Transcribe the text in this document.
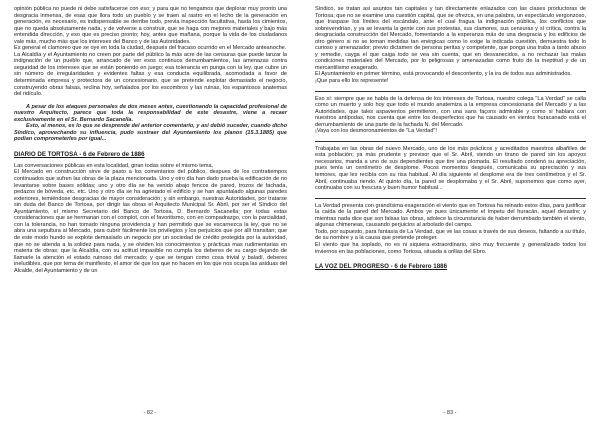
opinión pública no puede ni debe satisfacerse con eso; y para que no tengamos que deplorar muy pronto una desgracia inmensa, de esas que llora todo un pueblo y se traen al rastro en el lecho de la generación en generación, es necesario, es indispensable se derribe todo, previa inspección facultativa, hasta los cimientos, que no queda absolutamente nada, y de volverse a construir, que se haga con mejores materiales y bajo más entendida dirección, y eso que es preciso pronto; hoy, antes que mañana, porque la vida de los ciudadanos vale más, mucho más que los intereses del Banco y de las Autoridades.

Es general el clamoreo que se oye en toda la ciudad, después del fracaso ocurrido en el Mercado anteanoche.

La Alcaldía y el Ayuntamiento no creen por parte del público la más acre de las censuras que puede lanzar la indignación de un pueblo que, arrancado de ver esos continuos derrumbamientos, las amenazas contra seguridad de los intereses que se están poniendo en juego; esa tolerancia en punga con la ley, que cubre un sin número de irregularidades y evidentes faltas y esa conducta equilibrada, acomodada a favor de determinada empresa y protectora de un concesionario, que se pretende explotar demasiado el negocio, construyendo obras falsas, reclina hoy, señalados por los escombros y las ruinas, los espantosos anatemas del ridículo.

A pesar de los ataques personales de dos meses antes, cuestionando la capacidad profesional de nuestro Arquitecto, parece que toda la responsabilidad de este desastre, viene a recaer exclusivamente en el Sr. Bernardo Sacanella.

Esto, al menos, es lo que se desprende del anterior comentario, y así debió suceder, cuando dicho Síndico, aprovechando su influencia, pudo sustraer del Ayuntamiento los planos (15.3.1885) que podían comprometerles por igual...

DIARIO DE TORTOSA - 6 de Febrero de 1886

Las conversaciones públicas en esta localidad, giran todas sobre el mismo tema.

El Mercado en construcción sirve de pasto a los comentarios del público, despues de los contratiempos continuados que sufren las obras de la plaza mencionada. Uno y otro día han dado prueba la edificación de no levantarse sobre bases sólidas; uno y otro día se ha venido abajo fencos de pared, trozos de fachada, pedazos de bóveda, etc. etc. Uno y otro día se ha agrietado el edificio y se han apuntalado algunas paredes exteriores, temiéndose desgracias de mayor consideración; y sin embargo, nuestras Autoridades, por tratarse sin duda del Banco de Tortosa, por dirigir las obras el Arquitecto Municipal Sr. Abril, por ser el Síndico del Ayuntamiento, el mismo Secretario del Banco de Tortosa, D. Bernardo Sacanella; por todas estas consideraciones que se hermanan con el complot, con el favoritismo, con en compadrazgo, con la parcialidad, con la tolerancia, no han tomado ninguna providencia y han permitido que se escarnezca la ley, que no se abra una sepultura al Mercado, para cubrir fácilmente los privilegios y los perjuicios que por allí transitan; que de este modo hundo se explote demasiado un negocio por un sociedad de crédito protegida por la autoridad, que no se atienda a la solidez para nada, y se olviden los conocimientos y prácticas mas rudimentarias en materia de obras; que la Alcaldía, con su actitud impasible no cumpla los deberes de su cargo dejando de llamarle la atención el estado ruinoso del mercado; y que se tengan como cosa trivial y baladí, deberes ineludibles, que por tema de manifiesto, el amor de que los que no hacen en los que nos ocupa las asiduas del Alcalde, del Ayuntamiento y de un

- 82 -

Síndico, se tratan asi asuntos tan capitales y tan directamente enlazados con las clases productoras de Tortosa; que no se examine una cuestión capital, que se ofrezca, en una palabra, un espectáculo vergonzoso, que traspase los límites del escándalo, ante el cual fragua la indignación pública, los conflictos que sobrevendrían, y ya se levanta la gente con sus protestas, sus clamores, sus censuras y sí crítica, contra la desgraciada construcción del Mercado, fomentando a la esperanza más de una desgracia y los edificios de otro género si no se toman medidas tan enérgicas como lo exige la indicada cuestión, demuestra todo lo curioso y amenazador; previo dictamen de persona peritas y competente, que ponga una traba a tanto abuso y remedie, cayga el que caiga todo se vea sin cuenta, que en desvanecidos, a no rechazar las malas condiciones materiales del Mercado, por lo peligrosas y amenazadas como fruto de la ineptitud y de un mercantilismo exagerado.

El Ayuntamiento en primer término, está provocando el descontento, y la ira de todos sus administrados.

¡Que para ello los represente!

Eso sí: siempre que se habla de la defensa de los intereses de Tortosa, nuestro colega "La Verdad" se calla como un muerto y solo hoy que todo el mundo anatemiza a la empresa concesionaria del Mercado y a las Autoridades, que tales aspavientos permitieron, con una sans façons admirable y como si hablara con nuestros antípodas, nos cuenta que entre los desperfectos que ha causado en vientos huracanado está el derrumbamiento de una parte de la fachada N. del Mercado.

¡Vaya con los desmoronamientos de "La Verdad"!

Trabajaba en las obras del nuevo Mercado, uno de los más prácticos y acreditados maestros albañiles de esta población; ya más prudente y previsor que el Sr. Abril, viendo un tirano de pared sin los apoyos necesarios, manda a uno de sus dependientes que tire una plomada. El resultado condenó su apreciación, pues tenía un centímetro de desplome. Pocos momentos después, comunicaba su apreciación y sus temores, que les recibía con su risa habitual. Al día siguiente el desplome era de tres centímetros y el Sr. Abril, continuaba riendo. Al quinto día, la pared se desplomaba y el Sr. Abril, suponemos que como ayer, continuaba con su frescura y buen humor habitual...

La Verdad presenta con grandísima exageración el viento que en Tortosa ha reinado estos días, para justificar la caída de la pared del Mercado. Ambos ye pues únicamente el ímpetu del huracán, aquel desastre; y mientras nada dice que son falsas las obras, adolece la circunstancia de haber derrumbado también el viento, algunas chimeneas, causando perjuicios al arbolado del campo.

Todo, por supuesto, para fantasía de La Verdad, que ve las cosas a través de sus deseos, faltando a su título, de su nombre y a la causa que pretende proteger.

El viento que ha soplado, no es ni siquiera extraordinario, sino muy frecuente y generalizado todos los inviernos en las poblaciones, como Tortosa, situada a orillas del Ebro.

LA VOZ DEL PROGRESO - 6 de Febrero 1886
- 83 -
